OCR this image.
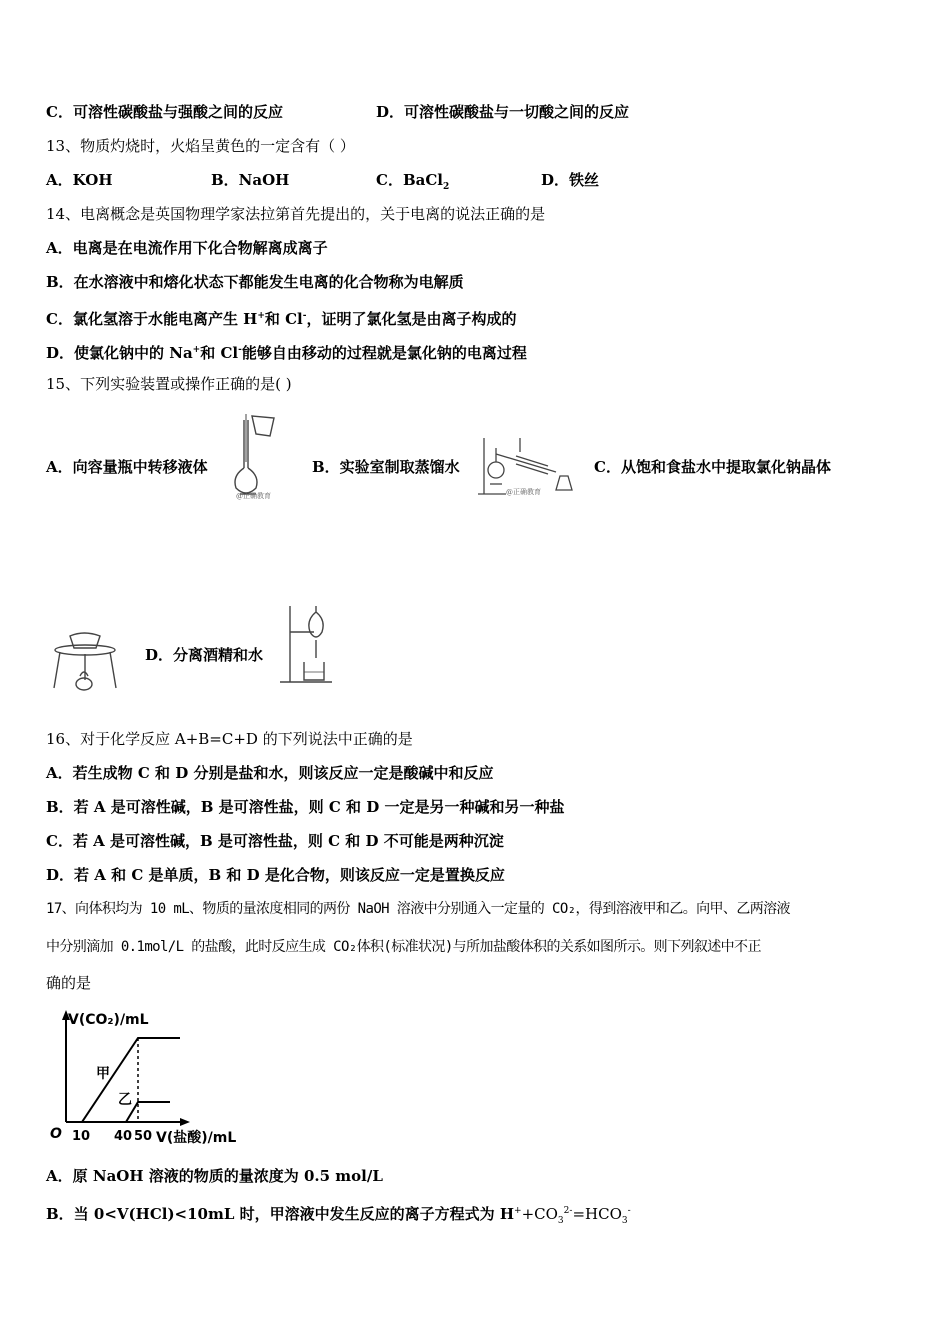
C．可溶性碳酸盐与强酸之间的反应	D．可溶性碳酸盐与一切酸之间的反应
13、物质灼烧时，火焰呈黄色的一定含有（ ）
A．KOH	B．NaOH	C．BaCl$_2$	D．铁丝
14、电离概念是英国物理学家法拉第首先提出的，关于电离的说法正确的是
A．电离是在电流作用下化合物解离成离子
B．在水溶液中和熔化状态下都能发生电离的化合物称为电解质
C．氯化氢溶于水能电离产生 H+和 Cl-，证明了氯化氢是由离子构成的
D．使氯化钠中的 Na+和 Cl-能够自由移动的过程就是氯化钠的电离过程
15、下列实验装置或操作正确的是( )
A．向容量瓶中转移液体
@正确教育
B．实验室制取蒸馏水
@正确教育
C．从饱和食盐水中提取氯化钠晶体
D．分离酒精和水
16、对于化学反应 A+B=C+D 的下列说法中正确的是
A．若生成物 C 和 D 分别是盐和水，则该反应一定是酸碱中和反应
B．若 A 是可溶性碱，B 是可溶性盐，则 C 和 D 一定是另一种碱和另一种盐
C．若 A 是可溶性碱，B 是可溶性盐，则 C 和 D 不可能是两种沉淀
D．若 A 和 C 是单质，B 和 D 是化合物，则该反应一定是置换反应
17、向体积均为 10 mL、物质的量浓度相同的两份 NaOH 溶液中分别通入一定量的 CO₂，得到溶液甲和乙。向甲、乙两溶液
中分别滴加 0.1mol/L 的盐酸，此时反应生成 CO₂体积(标准状况)与所加盐酸体积的关系如图所示。则下列叙述中不正
确的是
V(CO₂)/mL
甲
乙
O 10 40 50 V(盐酸)/mL
A．原 NaOH 溶液的物质的量浓度为 0.5 mol/L
B．当 0<V(HCl)<10mL 时，甲溶液中发生反应的离子方程式为 $H^++CO_3^{2-}=HCO_3^-$
